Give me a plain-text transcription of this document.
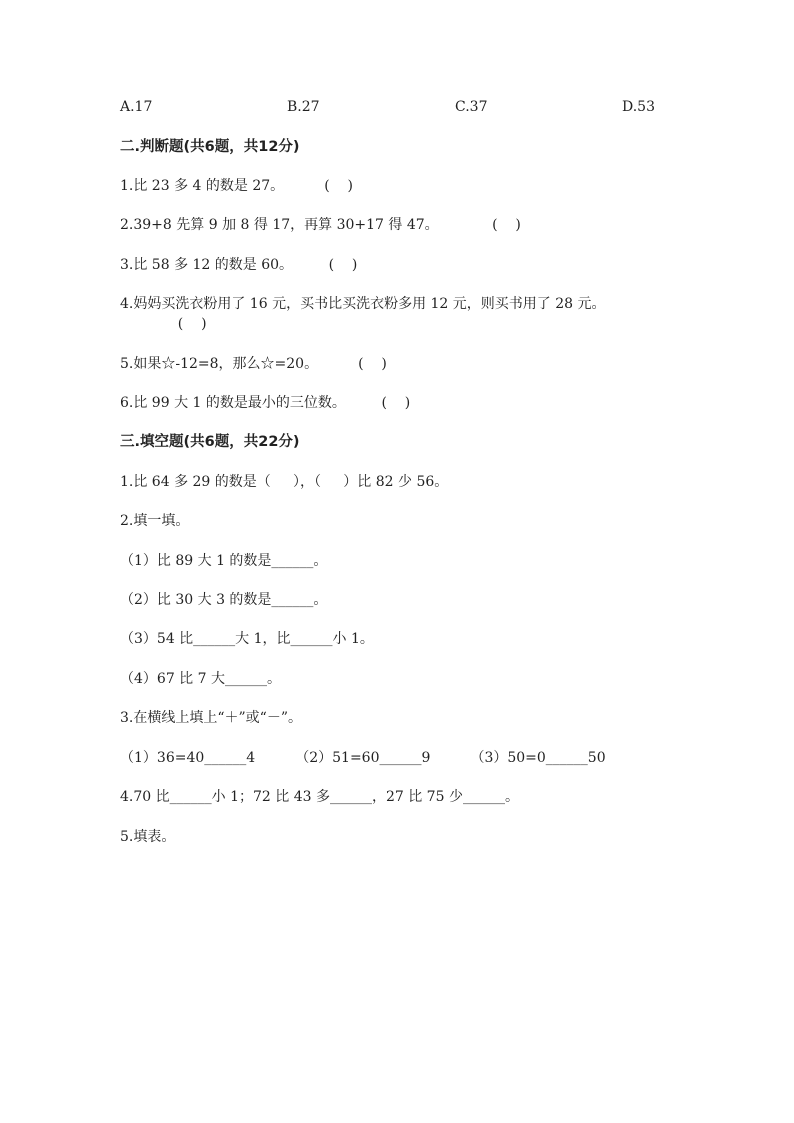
A.17	B.27	C.37	D.53
二.判断题(共6题，共12分)
1.比 23 多 4 的数是 27。         (    )
2.39+8 先算 9 加 8 得 17，再算 30+17 得 47。            (    )
3.比 58 多 12 的数是 60。        (    )
4.妈妈买洗衣粉用了 16 元，买书比买洗衣粉多用 12 元，则买书用了 28 元。
(    )
5.如果☆-12=8，那么☆=20。         (    )
6.比 99 大 1 的数是最小的三位数。        (    )
三.填空题(共6题，共22分)
1.比 64 多 29 的数是（     ），（     ）比 82 少 56。
2.填一填。
（1）比 89 大 1 的数是______。
（2）比 30 大 3 的数是______。
（3）54 比______大 1，比______小 1。
（4）67 比 7 大______。
3.在横线上填上“＋”或“－”。
（1）36=40______4         （2）51=60______9         （3）50=0______50
4.70 比______小 1；72 比 43 多______，27 比 75 少______。
5.填表。
